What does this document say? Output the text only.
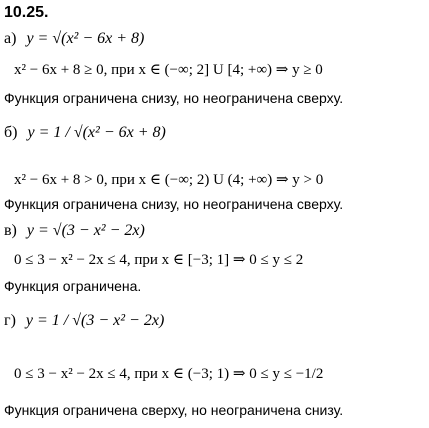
10.25.
а) y = √(x² − 6x + 8)
x² − 6x + 8 ≥ 0, при x ∈ (−∞; 2] U [4; +∞) ⇒ y ≥ 0
Функция ограничена снизу, но неограничена сверху.
б) y = 1 / √(x² − 6x + 8)
x² − 6x + 8 > 0, при x ∈ (−∞; 2) U (4; +∞) ⇒ y > 0
Функция ограничена снизу, но неограничена сверху.
в) y = √(3 − x² − 2x)
0 ≤ 3 − x² − 2x ≤ 4, при x ∈ [−3; 1] ⇒ 0 ≤ y ≤ 2
Функция ограничена.
г) y = 1 / √(3 − x² − 2x)
0 ≤ 3 − x² − 2x ≤ 4, при x ∈ (−3; 1) ⇒ 0 ≤ y ≤ −1/2
Функция ограничена сверху, но неограничена снизу.
